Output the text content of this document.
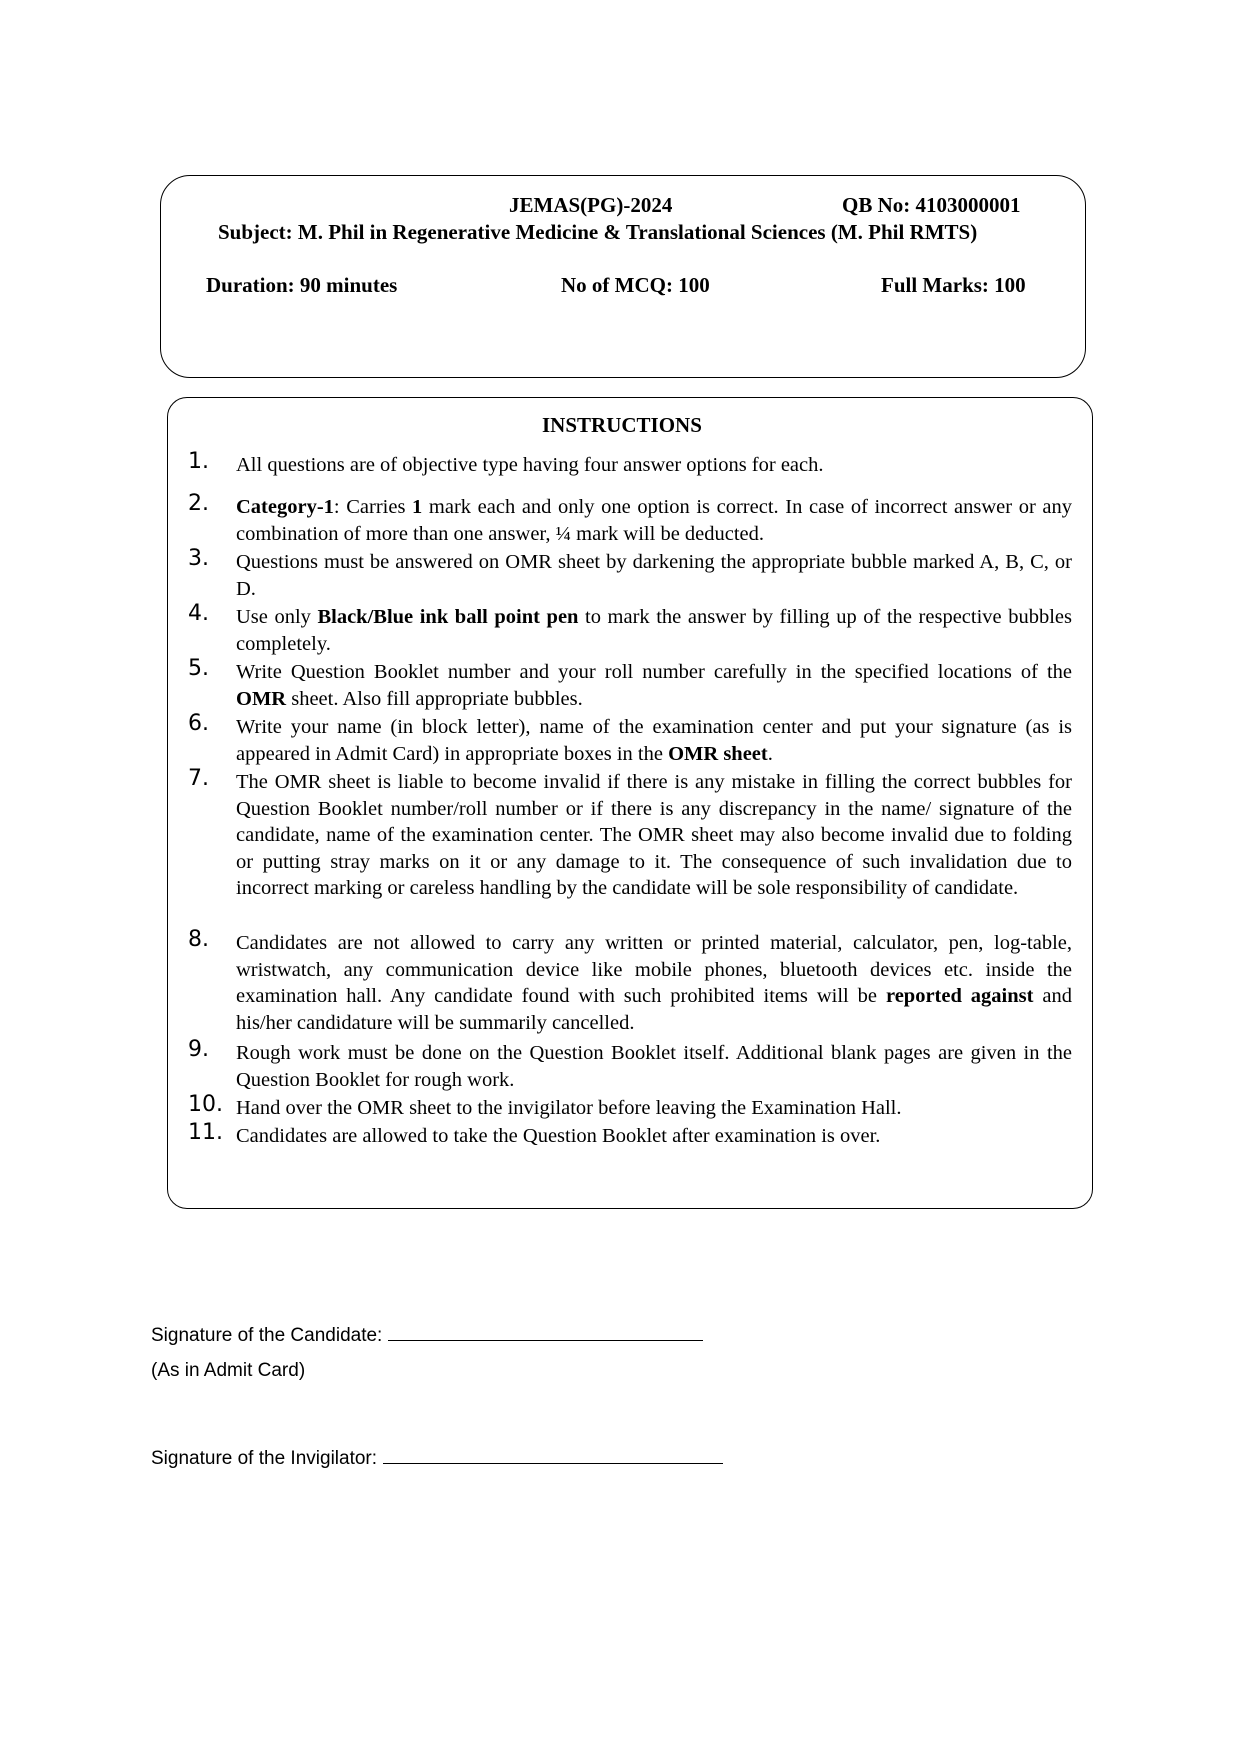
JEMAS(PG)-2024	QB No: 4103000001
Subject: M. Phil in Regenerative Medicine & Translational Sciences (M. Phil RMTS)
Duration: 90 minutes	No of MCQ: 100	Full Marks: 100
INSTRUCTIONS
1. All questions are of objective type having four answer options for each.
2. Category-1: Carries 1 mark each and only one option is correct. In case of incorrect answer or any combination of more than one answer, ¼ mark will be deducted.
3. Questions must be answered on OMR sheet by darkening the appropriate bubble marked A, B, C, or D.
4. Use only Black/Blue ink ball point pen to mark the answer by filling up of the respective bubbles completely.
5. Write Question Booklet number and your roll number carefully in the specified locations of the OMR sheet. Also fill appropriate bubbles.
6. Write your name (in block letter), name of the examination center and put your signature (as is appeared in Admit Card) in appropriate boxes in the OMR sheet.
7. The OMR sheet is liable to become invalid if there is any mistake in filling the correct bubbles for Question Booklet number/roll number or if there is any discrepancy in the name/ signature of the candidate, name of the examination center. The OMR sheet may also become invalid due to folding or putting stray marks on it or any damage to it. The consequence of such invalidation due to incorrect marking or careless handling by the candidate will be sole responsibility of candidate.
8. Candidates are not allowed to carry any written or printed material, calculator, pen, log-table, wristwatch, any communication device like mobile phones, bluetooth devices etc. inside the examination hall. Any candidate found with such prohibited items will be reported against and his/her candidature will be summarily cancelled.
9. Rough work must be done on the Question Booklet itself. Additional blank pages are given in the Question Booklet for rough work.
10. Hand over the OMR sheet to the invigilator before leaving the Examination Hall.
11. Candidates are allowed to take the Question Booklet after examination is over.
Signature of the Candidate:
(As in Admit Card)
Signature of the Invigilator:
